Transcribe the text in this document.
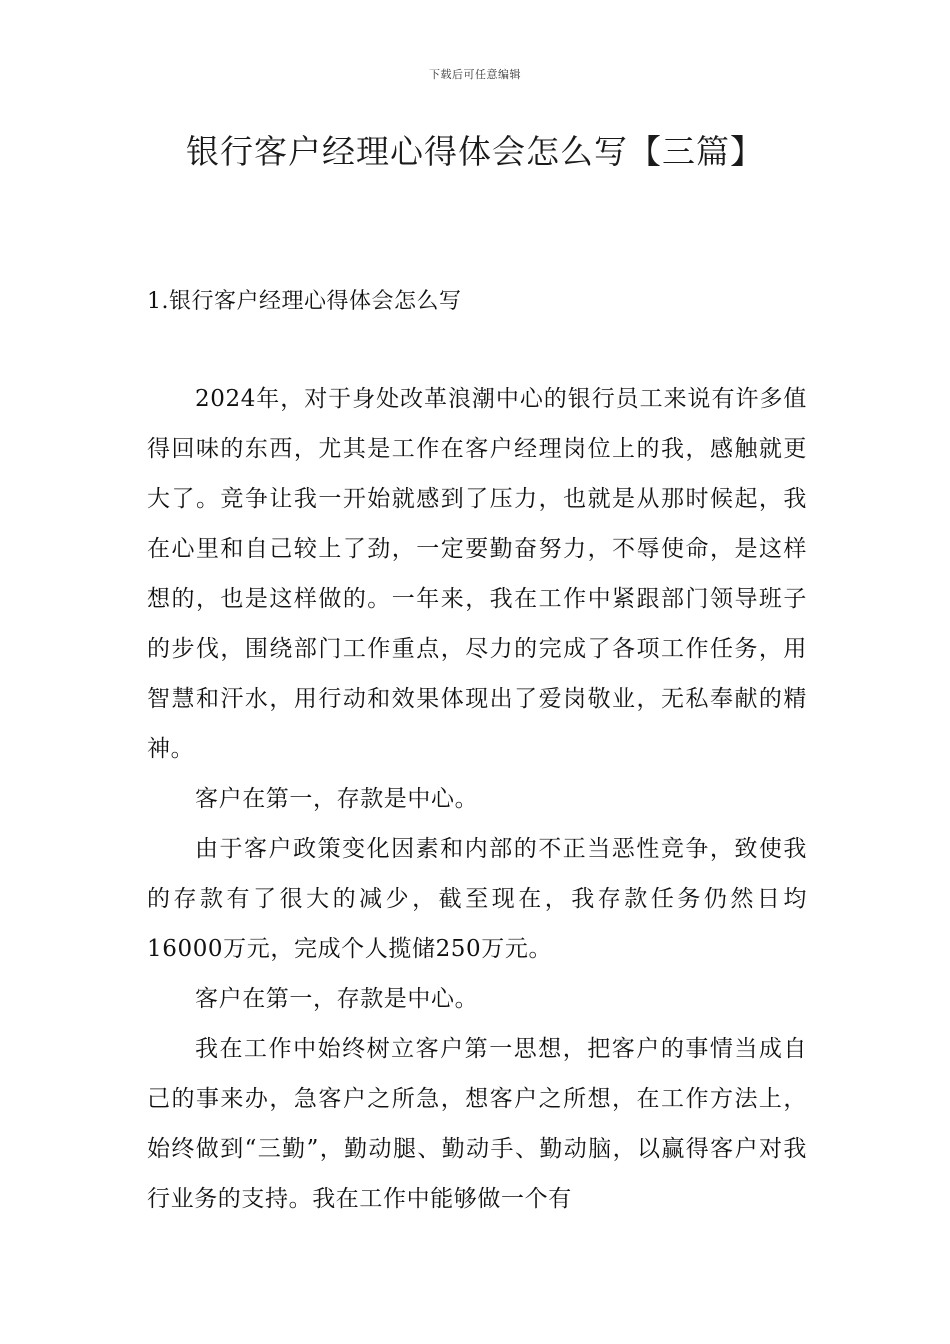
下载后可任意编辑
银行客户经理心得体会怎么写【三篇】
1.银行客户经理心得体会怎么写

2024年，对于身处改革浪潮中心的银行员工来说有许多值得回味的东西，尤其是工作在客户经理岗位上的我，感触就更大了。竞争让我一开始就感到了压力，也就是从那时候起，我在心里和自己较上了劲，一定要勤奋努力，不辱使命，是这样想的，也是这样做的。一年来，我在工作中紧跟部门领导班子的步伐，围绕部门工作重点，尽力的完成了各项工作任务，用智慧和汗水，用行动和效果体现出了爱岗敬业，无私奉献的精神。

客户在第一，存款是中心。

由于客户政策变化因素和内部的不正当恶性竞争，致使我的存款有了很大的减少，截至现在，我存款任务仍然日均16000万元，完成个人揽储250万元。

客户在第一，存款是中心。

我在工作中始终树立客户第一思想，把客户的事情当成自己的事来办，急客户之所急，想客户之所想，在工作方法上，始终做到“三勤”，勤动腿、勤动手、勤动脑，以赢得客户对我行业务的支持。我在工作中能够做一个有
